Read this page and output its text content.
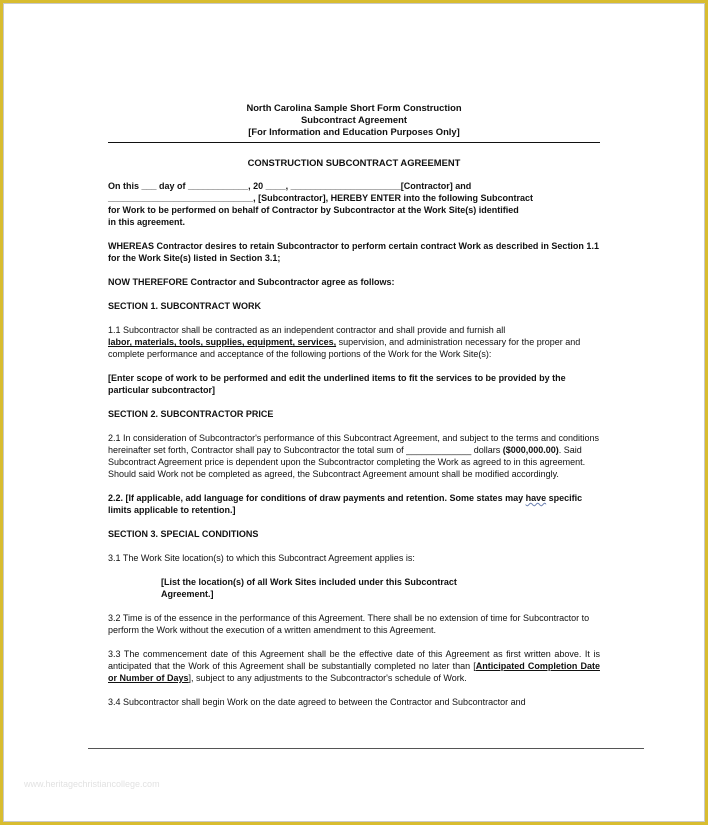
North Carolina Sample Short Form Construction
Subcontract Agreement
[For Information and Education Purposes Only]

CONSTRUCTION SUBCONTRACT AGREEMENT

On this ___ day of ____________, 20 ____, ______________________[Contractor] and
_____________________________, [Subcontractor], HEREBY ENTER into the following Subcontract
for Work to be performed on behalf of Contractor by Subcontractor at the Work Site(s) identified
in this agreement.

WHEREAS Contractor desires to retain Subcontractor to perform certain contract Work as described in Section 1.1 for the Work Site(s) listed in Section 3.1;

NOW THEREFORE Contractor and Subcontractor agree as follows:

SECTION 1. SUBCONTRACT WORK

1.1 Subcontractor shall be contracted as an independent contractor and shall provide and furnish all
labor, materials, tools, supplies, equipment, services, supervision, and administration necessary for the proper and complete performance and acceptance of the following portions of the Work for the Work Site(s):

[Enter scope of work to be performed and edit the underlined items to fit the services to be provided by the particular subcontractor]

SECTION 2. SUBCONTRACTOR PRICE

2.1 In consideration of Subcontractor's performance of this Subcontract Agreement, and subject to the terms and conditions hereinafter set forth, Contractor shall pay to Subcontractor the total sum of _____________ dollars ($000,000.00). Said Subcontract Agreement price is dependent upon the Subcontractor completing the Work as agreed to in this agreement. Should said Work not be completed as agreed, the Subcontract Agreement amount shall be modified accordingly.

2.2. [If applicable, add language for conditions of draw payments and retention. Some states may have specific limits applicable to retention.]

SECTION 3. SPECIAL CONDITIONS

3.1 The Work Site location(s) to which this Subcontract Agreement applies is:

[List the location(s) of all Work Sites included under this Subcontract
Agreement.]

3.2 Time is of the essence in the performance of this Agreement. There shall be no extension of time for Subcontractor to perform the Work without the execution of a written amendment to this Agreement.

3.3 The commencement date of this Agreement shall be the effective date of this Agreement as first written above. It is anticipated that the Work of this Agreement shall be substantially completed no later than [Anticipated Completion Date or Number of Days], subject to any adjustments to the Subcontractor's schedule of Work.

3.4 Subcontractor shall begin Work on the date agreed to between the Contractor and Subcontractor and

www.heritagechristiancollege.com
